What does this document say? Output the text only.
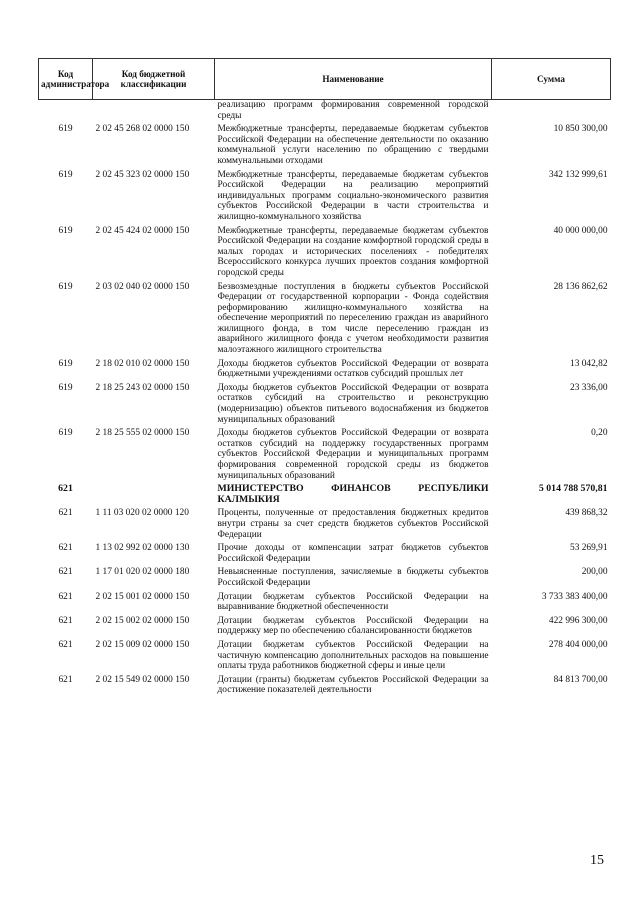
Код администратора	Код бюджетной классификации	Наименование	Сумма
		реализацию программ формирования современной городской среды	
619	2 02 45 268 02 0000 150	Межбюджетные трансферты, передаваемые бюджетам субъектов Российской Федерации на обеспечение деятельности по оказанию коммунальной услуги населению по обращению с твердыми коммунальными отходами	10 850 300,00
619	2 02 45 323 02 0000 150	Межбюджетные трансферты, передаваемые бюджетам субъектов Российской Федерации на реализацию мероприятий индивидуальных программ социально-экономического развития субъектов Российской Федерации в части строительства и жилищно-коммунального хозяйства	342 132 999,61
619	2 02 45 424 02 0000 150	Межбюджетные трансферты, передаваемые бюджетам субъектов Российской Федерации на создание комфортной городской среды в малых городах и исторических поселениях - победителях Всероссийского конкурса лучших проектов создания комфортной городской среды	40 000 000,00
619	2 03 02 040 02 0000 150	Безвозмездные поступления в бюджеты субъектов Российской Федерации от государственной корпорации - Фонда содействия реформированию жилищно-коммунального хозяйства на обеспечение мероприятий по переселению граждан из аварийного жилищного фонда, в том числе переселению граждан из аварийного жилищного фонда с учетом необходимости развития малоэтажного жилищного строительства	28 136 862,62
619	2 18 02 010 02 0000 150	Доходы бюджетов субъектов Российской Федерации от возврата бюджетными учреждениями остатков субсидий прошлых лет	13 042,82
619	2 18 25 243 02 0000 150	Доходы бюджетов субъектов Российской Федерации от возврата остатков субсидий на строительство и реконструкцию (модернизацию) объектов питьевого водоснабжения из бюджетов муниципальных образований	23 336,00
619	2 18 25 555 02 0000 150	Доходы бюджетов субъектов Российской Федерации от возврата остатков субсидий на поддержку государственных программ субъектов Российской Федерации и муниципальных программ формирования современной городской среды из бюджетов муниципальных образований	0,20
621		МИНИСТЕРСТВО ФИНАНСОВ РЕСПУБЛИКИ КАЛМЫКИЯ	5 014 788 570,81
621	1 11 03 020 02 0000 120	Проценты, полученные от предоставления бюджетных кредитов внутри страны за счет средств бюджетов субъектов Российской Федерации	439 868,32
621	1 13 02 992 02 0000 130	Прочие доходы от компенсации затрат бюджетов субъектов Российской Федерации	53 269,91
621	1 17 01 020 02 0000 180	Невыясненные поступления, зачисляемые в бюджеты субъектов Российской Федерации	200,00
621	2 02 15 001 02 0000 150	Дотации бюджетам субъектов Российской Федерации на выравнивание бюджетной обеспеченности	3 733 383 400,00
621	2 02 15 002 02 0000 150	Дотации бюджетам субъектов Российской Федерации на поддержку мер по обеспечению сбалансированности бюджетов	422 996 300,00
621	2 02 15 009 02 0000 150	Дотации бюджетам субъектов Российской Федерации на частичную компенсацию дополнительных расходов на повышение оплаты труда работников бюджетной сферы и иные цели	278 404 000,00
621	2 02 15 549 02 0000 150	Дотации (гранты) бюджетам субъектов Российской Федерации за достижение показателей деятельности	84 813 700,00
15
